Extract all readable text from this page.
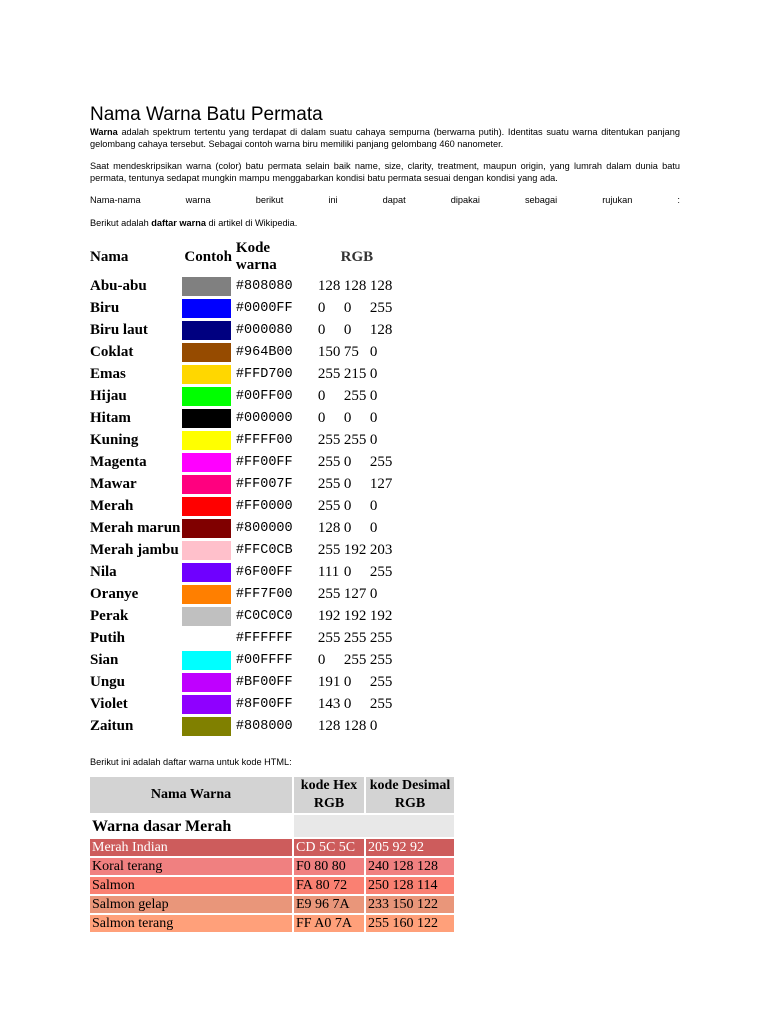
Nama Warna Batu Permata

Warna adalah spektrum tertentu yang terdapat di dalam suatu cahaya sempurna (berwarna putih). Identitas suatu warna ditentukan panjang gelombang cahaya tersebut. Sebagai contoh warna biru memiliki panjang gelombang 460 nanometer.

Saat mendeskripsikan warna (color) batu permata selain baik name, size, clarity, treatment, maupun origin, yang lumrah dalam dunia batu permata, tentunya sedapat mungkin mampu menggabarkan kondisi batu permata sesuai dengan kondisi yang ada.

Nama-nama warna berikut ini dapat dipakai sebagai rujukan :

Berikut adalah daftar warna di artikel di Wikipedia.

Nama	Contoh	Kode warna	RGB
Abu-abu		#808080	128 128 128
Biru		#0000FF	0 0 255
Biru laut		#000080	0 0 128
Coklat		#964B00	150 75 0
Emas		#FFD700	255 215 0
Hijau		#00FF00	0 255 0
Hitam		#000000	0 0 0
Kuning		#FFFF00	255 255 0
Magenta		#FF00FF	255 0 255
Mawar		#FF007F	255 0 127
Merah		#FF0000	255 0 0
Merah marun		#800000	128 0 0
Merah jambu		#FFC0CB	255 192 203
Nila		#6F00FF	111 0 255
Oranye		#FF7F00	255 127 0
Perak		#C0C0C0	192 192 192
Putih		#FFFFFF	255 255 255
Sian		#00FFFF	0 255 255
Ungu		#BF00FF	191 0 255
Violet		#8F00FF	143 0 255
Zaitun		#808000	128 128 0
Berikut ini adalah daftar warna untuk kode HTML:
Nama Warna	kode Hex RGB	kode Desimal RGB
Warna dasar Merah		
Merah Indian	CD 5C 5C	205 92 92
Koral terang	F0 80 80	240 128 128
Salmon	FA 80 72	250 128 114
Salmon gelap	E9 96 7A	233 150 122
Salmon terang	FF A0 7A	255 160 122
